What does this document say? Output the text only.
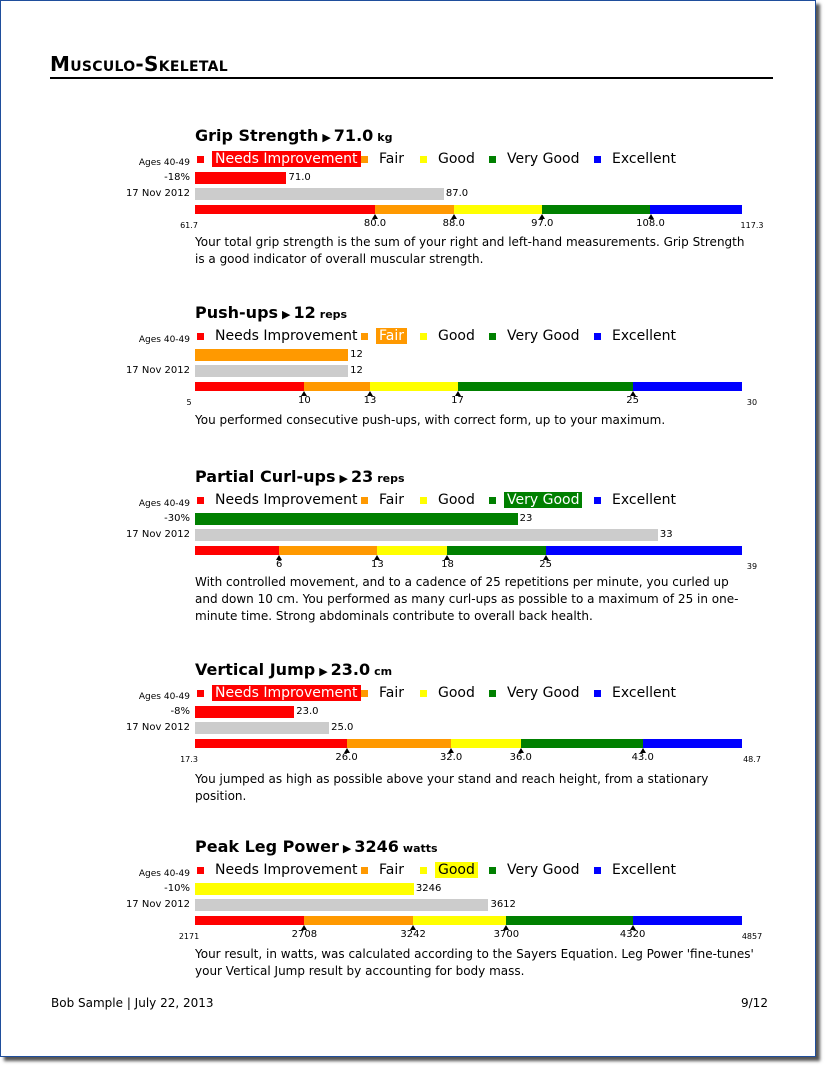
Musculo-Skeletal
Grip Strength ▶ 71.0 kg
Ages 40-49 Needs Improvement Fair Good Very Good Excellent
-18%	71.0
17 Nov 2012	87.0
61.7	80.0	88.0	97.0	108.0	117.3
Your total grip strength is the sum of your right and left-hand measurements. Grip Strength is a good indicator of overall muscular strength.
Push-ups ▶ 12 reps
Ages 40-49 Needs Improvement Fair Good Very Good Excellent
12
17 Nov 2012	12
5	10	13	17	25	30
You performed consecutive push-ups, with correct form, up to your maximum.
Partial Curl-ups ▶ 23 reps
Ages 40-49 Needs Improvement Fair Good Very Good Excellent
-30%	23
17 Nov 2012	33
6	13	18	25	39
With controlled movement, and to a cadence of 25 repetitions per minute, you curled up and down 10 cm. You performed as many curl-ups as possible to a maximum of 25 in one-minute time. Strong abdominals contribute to overall back health.
Vertical Jump ▶ 23.0 cm
Ages 40-49 Needs Improvement Fair Good Very Good Excellent
-8%	23.0
17 Nov 2012	25.0
17.3	26.0	32.0	36.0	43.0	48.7
You jumped as high as possible above your stand and reach height, from a stationary position.
Peak Leg Power ▶ 3246 watts
Ages 40-49 Needs Improvement Fair Good Very Good Excellent
-10%	3246
17 Nov 2012	3612
2171	2708	3242	3700	4320	4857
Your result, in watts, was calculated according to the Sayers Equation. Leg Power 'fine-tunes' your Vertical Jump result by accounting for body mass.
Bob Sample | July 22, 2013	9/12
